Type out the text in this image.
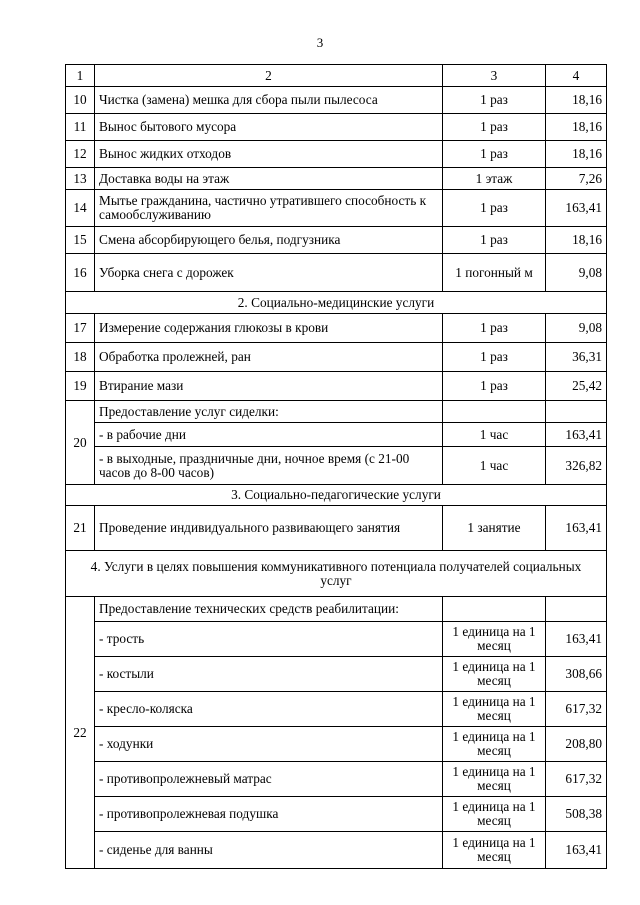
3
1	2	3	4
10	Чистка (замена) мешка для сбора пыли пылесоса	1 раз	18,16
11	Вынос бытового мусора	1 раз	18,16
12	Вынос жидких отходов	1 раз	18,16
13	Доставка воды на этаж	1 этаж	7,26
14	Мытье гражданина, частично утратившего способность к самообслуживанию	1 раз	163,41
15	Смена абсорбирующего белья, подгузника	1 раз	18,16
16	Уборка снега с дорожек	1 погонный м	9,08
2. Социально-медицинские услуги			
17	Измерение содержания глюкозы в крови	1 раз	9,08
18	Обработка пролежней, ран	1 раз	36,31
19	Втирание мази	1 раз	25,42
20	Предоставление услуг сиделки:		
	- в рабочие дни	1 час	163,41
	- в выходные, праздничные дни, ночное время (с 21-00 часов до 8-00 часов)	1 час	326,82
3. Социально-педагогические услуги			
21	Проведение индивидуального развивающего занятия	1 занятие	163,41
4. Услуги в целях повышения коммуникативного потенциала получателей социальных услуг			
22	Предоставление технических средств реабилитации:		
	- трость	1 единица на 1 месяц	163,41
	- костыли	1 единица на 1 месяц	308,66
	- кресло-коляска	1 единица на 1 месяц	617,32
	- ходунки	1 единица на 1 месяц	208,80
	- противопролежневый матрас	1 единица на 1 месяц	617,32
	- противопролежневая подушка	1 единица на 1 месяц	508,38
	- сиденье для ванны	1 единица на 1 месяц	163,41
